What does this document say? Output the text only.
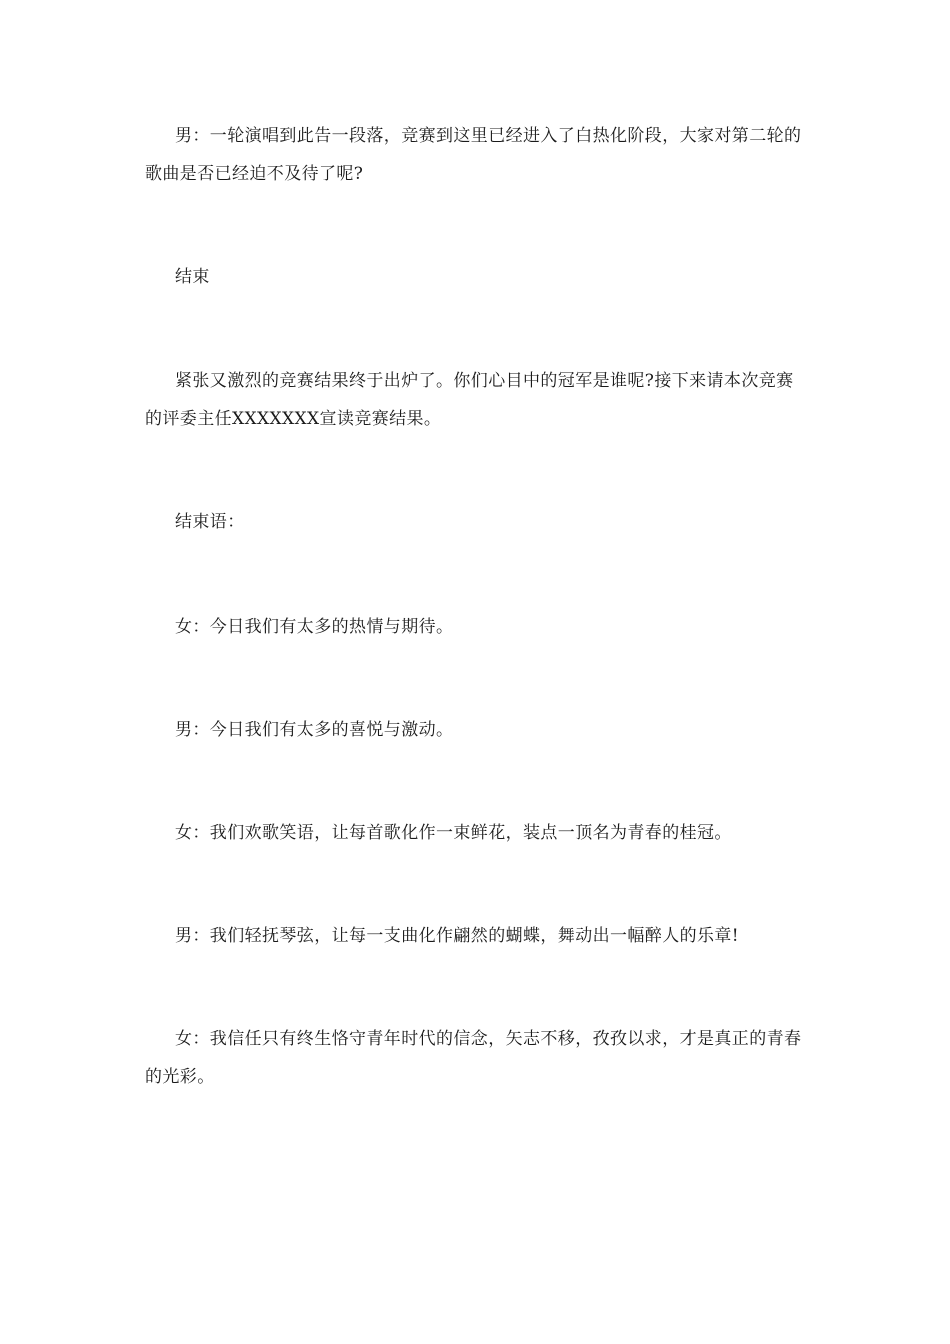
男：一轮演唱到此告一段落，竞赛到这里已经进入了白热化阶段，大家对第二轮的歌曲是否已经迫不及待了呢?

结束

紧张又激烈的竞赛结果终于出炉了。你们心目中的冠军是谁呢?接下来请本次竞赛的评委主任XXXXXXX宣读竞赛结果。

结束语：

女：今日我们有太多的热情与期待。

男：今日我们有太多的喜悦与激动。

女：我们欢歌笑语，让每首歌化作一束鲜花，装点一顶名为青春的桂冠。

男：我们轻抚琴弦，让每一支曲化作翩然的蝴蝶，舞动出一幅醉人的乐章!

女：我信任只有终生恪守青年时代的信念，矢志不移，孜孜以求，才是真正的青春的光彩。
